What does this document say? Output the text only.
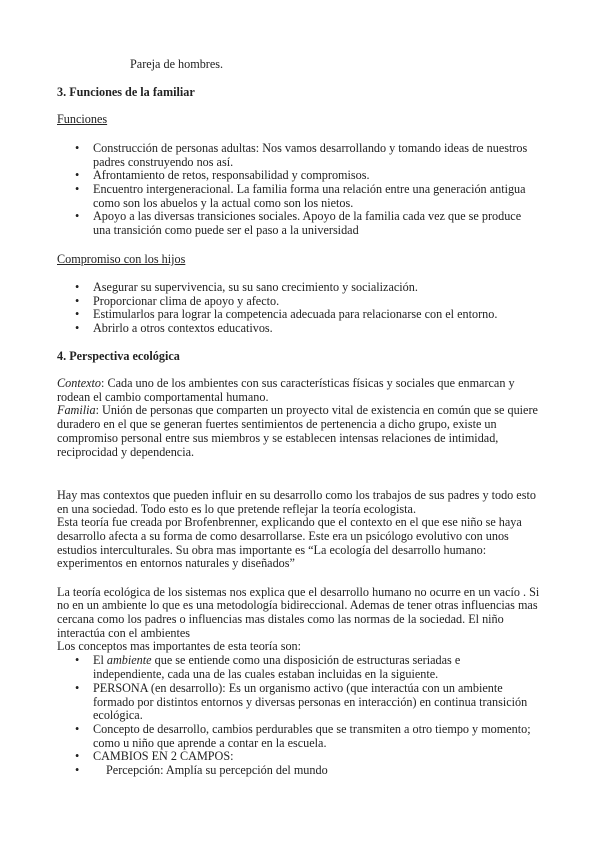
Pareja de hombres.
3. Funciones de la familiar
Funciones
•	Construcción de personas adultas: Nos vamos desarrollando y tomando ideas de nuestros padres construyendo nos así.
•	Afrontamiento de retos, responsabilidad y compromisos.
•	Encuentro intergeneracional. La familia forma una relación entre una generación antigua como son los abuelos y la actual como son los nietos.
•	Apoyo a las diversas transiciones sociales. Apoyo de la familia cada vez que se produce una transición como puede ser el paso a la universidad
Compromiso con los hijos
•	Asegurar su supervivencia, su su sano crecimiento y socialización.
•	Proporcionar clima de apoyo y afecto.
•	Estimularlos para lograr la competencia adecuada para relacionarse con el entorno.
•	Abrirlo a otros contextos educativos.
4. Perspectiva ecológica
Contexto: Cada uno de los ambientes con sus características físicas y sociales que enmarcan y
rodean el cambio comportamental humano.
Familia: Unión de personas que comparten un proyecto vital de existencia en común que se quiere
duradero en el que se generan fuertes sentimientos de pertenencia a dicho grupo, existe un
compromiso personal entre sus miembros y se establecen intensas relaciones de intimidad,
reciprocidad y dependencia.
Hay mas contextos que pueden influir en su desarrollo como los trabajos de sus padres y todo esto
en una sociedad. Todo esto es lo que pretende reflejar la teoría ecologista.
Esta teoría fue creada por Brofenbrenner, explicando que el contexto en el que ese niño se haya
desarrollo afecta a su forma de como desarrollarse. Este era un psicólogo evolutivo con unos
estudios interculturales. Su obra mas importante es “La ecología del desarrollo humano:
experimentos en entornos naturales y diseñados”
La teoría ecológica de los sistemas nos explica que el desarrollo humano no ocurre en un vacío . Si
no en un ambiente lo que es una metodología bidireccional. Ademas de tener otras influencias mas
cercana como los padres o influencias mas distales como las normas de la sociedad. El niño
interactúa con el ambientes
Los conceptos mas importantes de esta teoría son:
•	El ambiente que se entiende como una disposición de estructuras seriadas e independiente, cada una de las cuales estaban incluidas en la siguiente.
•	PERSONA (en desarrollo): Es un organismo activo (que interactúa con un ambiente formado por distintos entornos y diversas personas en interacción) en continua transición ecológica.
•	Concepto de desarrollo, cambios perdurables que se transmiten a otro tiempo y momento; como u niño que aprende a contar en la escuela.
•	CAMBIOS EN 2 CAMPOS:
•	Percepción: Amplía su percepción del mundo
